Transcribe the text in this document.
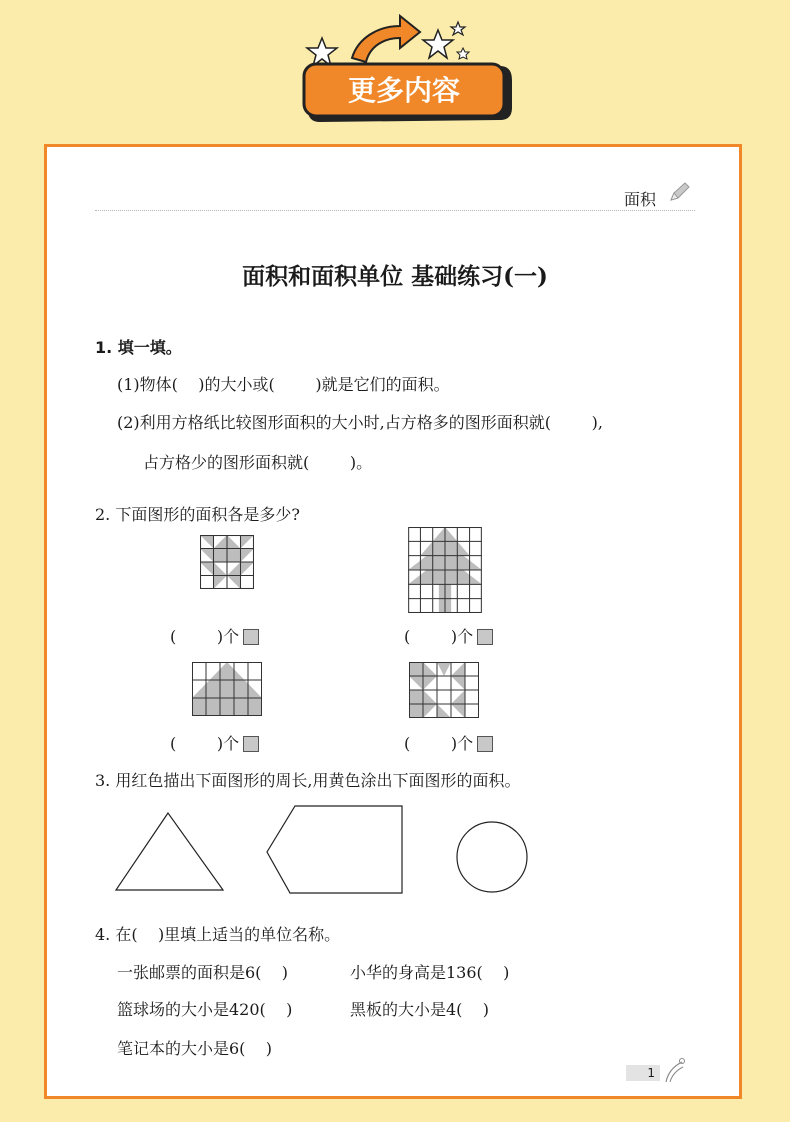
更多内容
面积
面积和面积单位 基础练习(一)
1. 填一填。
(1)物体(    )的大小或(        )就是它们的面积。
(2)利用方格纸比较图形面积的大小时,占方格多的图形面积就(        ),
占方格少的图形面积就(        )。
2. 下面图形的面积各是多少?
(        )个	(        )个
(        )个	(        )个
3. 用红色描出下面图形的周长,用黄色涂出下面图形的面积。
4. 在(    )里填上适当的单位名称。
一张邮票的面积是6(    )	小华的身高是136(    )
篮球场的大小是420(    )	黑板的大小是4(    )
笔记本的大小是6(    )
1
